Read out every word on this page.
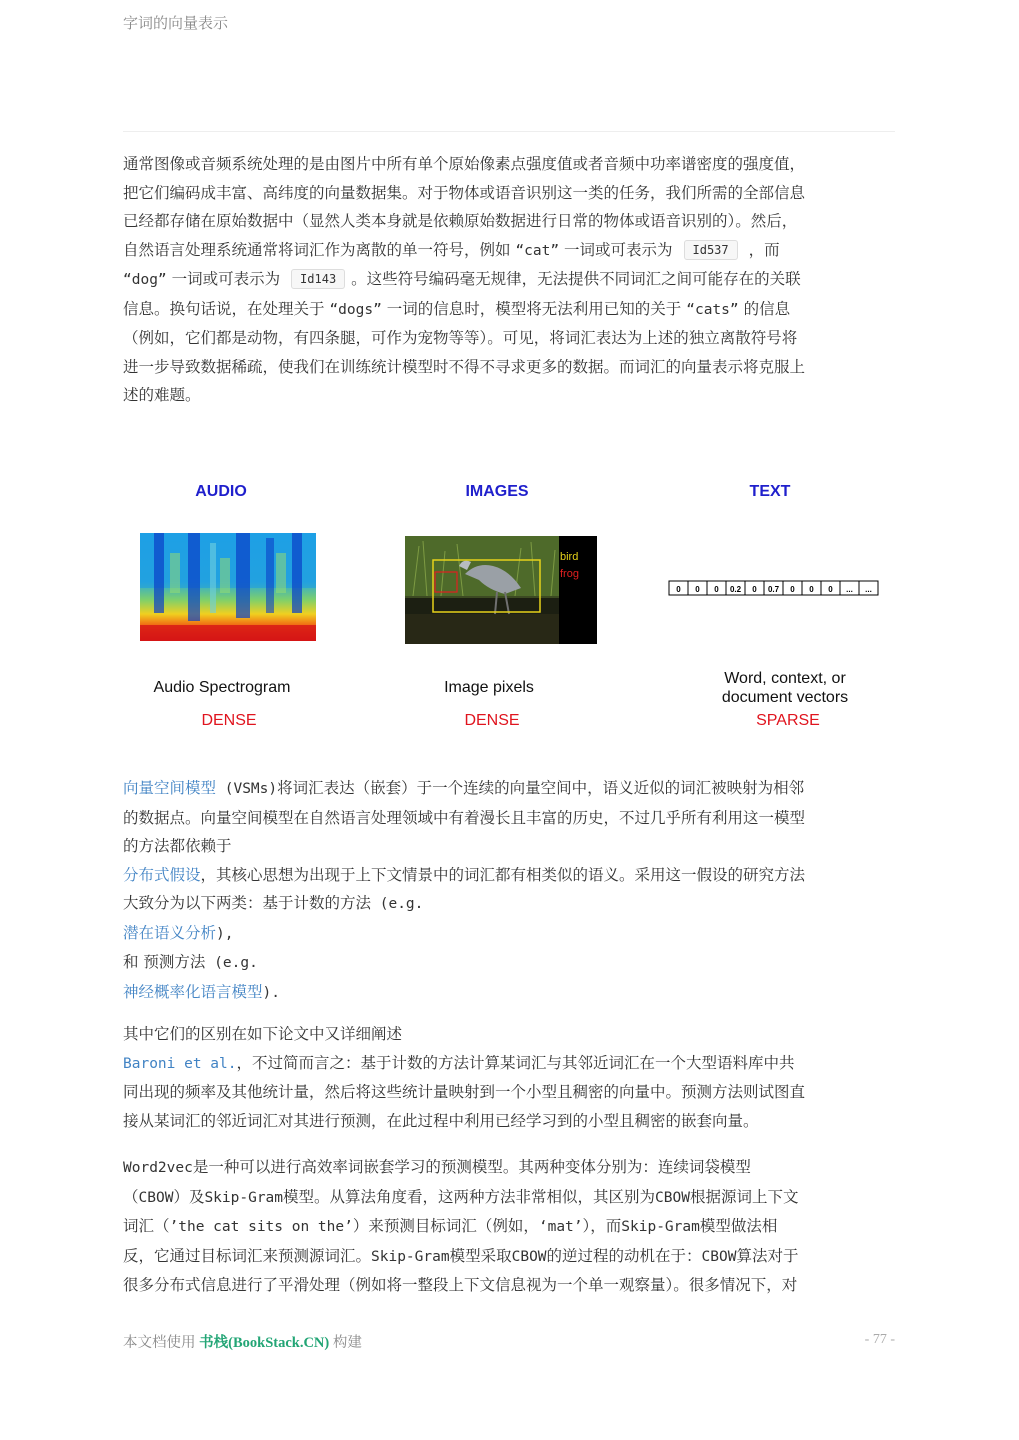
字词的向量表示
通常图像或音频系统处理的是由图片中所有单个原始像素点强度值或者音频中功率谱密度的强度值，
把它们编码成丰富、高纬度的向量数据集。对于物体或语音识别这一类的任务，我们所需的全部信息
已经都存储在原始数据中（显然人类本身就是依赖原始数据进行日常的物体或语音识别的）。然后，
自然语言处理系统通常将词汇作为离散的单一符号，例如 “cat” 一词或可表示为 Id537 ，而
“dog” 一词或可表示为 Id143 。这些符号编码毫无规律，无法提供不同词汇之间可能存在的关联
信息。换句话说，在处理关于 “dogs” 一词的信息时，模型将无法利用已知的关于 “cats” 的信息
（例如，它们都是动物，有四条腿，可作为宠物等等）。可见，将词汇表达为上述的独立离散符号将
进一步导致数据稀疏，使我们在训练统计模型时不得不寻求更多的数据。而词汇的向量表示将克服上
述的难题。
AUDIO	IMAGES	TEXT
bird
frog
0 0 0 0.2 0 0.7 0 0 0 ... ...
Audio Spectrogram	Image pixels
Word, context, or
document vectors
DENSE	DENSE	SPARSE
向量空间模型 (VSMs)将词汇表达（嵌套）于一个连续的向量空间中，语义近似的词汇被映射为相邻
的数据点。向量空间模型在自然语言处理领域中有着漫长且丰富的历史，不过几乎所有利用这一模型
的方法都依赖于
分布式假设，其核心思想为出现于上下文情景中的词汇都有相类似的语义。采用这一假设的研究方法
大致分为以下两类：基于计数的方法 (e.g.
潜在语义分析),
和 预测方法 (e.g.
神经概率化语言模型).
其中它们的区别在如下论文中又详细阐述
Baroni et al.，不过简而言之：基于计数的方法计算某词汇与其邻近词汇在一个大型语料库中共
同出现的频率及其他统计量，然后将这些统计量映射到一个小型且稠密的向量中。预测方法则试图直
接从某词汇的邻近词汇对其进行预测，在此过程中利用已经学习到的小型且稠密的嵌套向量。
Word2vec是一种可以进行高效率词嵌套学习的预测模型。其两种变体分别为：连续词袋模型
（CBOW）及Skip-Gram模型。从算法角度看，这两种方法非常相似，其区别为CBOW根据源词上下文
词汇（’the cat sits on the’）来预测目标词汇（例如，‘mat’），而Skip-Gram模型做法相
反，它通过目标词汇来预测源词汇。Skip-Gram模型采取CBOW的逆过程的动机在于：CBOW算法对于
很多分布式信息进行了平滑处理（例如将一整段上下文信息视为一个单一观察量）。很多情况下，对
本文档使用 书栈(BookStack.CN) 构建	- 77 -
